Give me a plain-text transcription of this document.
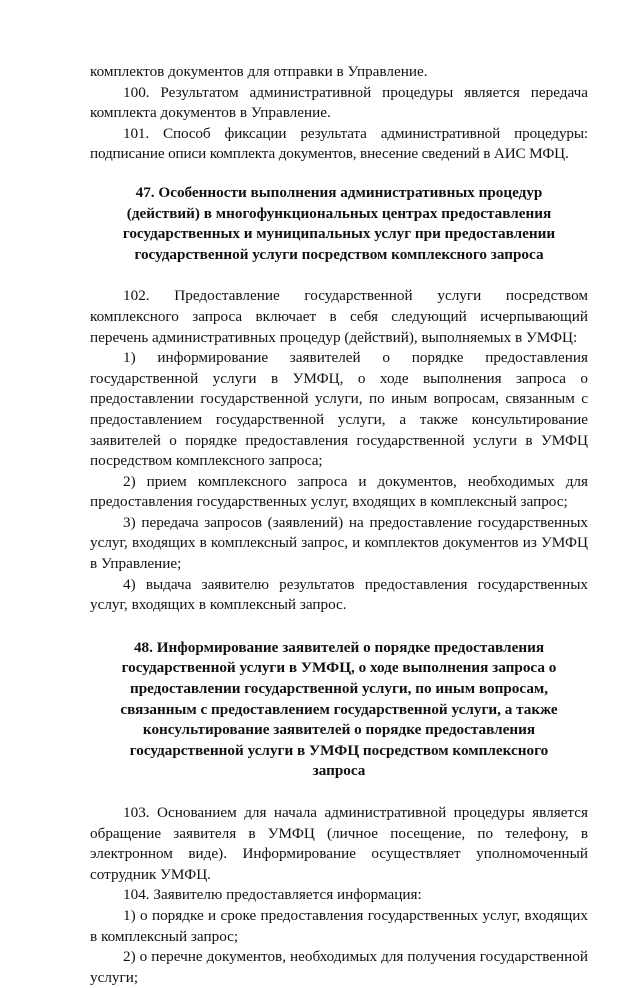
комплектов документов для отправки в Управление.

100. Результатом административной процедуры является передача комплекта документов в Управление.

101. Способ фиксации результата административной процедуры: подписание описи комплекта документов, внесение сведений в АИС МФЦ.

47. Особенности выполнения административных процедур (действий) в многофункциональных центрах предоставления государственных и муниципальных услуг при предоставлении государственной услуги посредством комплексного запроса

102. Предоставление государственной услуги посредством комплексного запроса включает в себя следующий исчерпывающий перечень административных процедур (действий), выполняемых в УМФЦ:

1) информирование заявителей о порядке предоставления государственной услуги в УМФЦ, о ходе выполнения запроса о предоставлении государственной услуги, по иным вопросам, связанным с предоставлением государственной услуги, а также консультирование заявителей о порядке предоставления государственной услуги в УМФЦ посредством комплексного запроса;

2) прием комплексного запроса и документов, необходимых для предоставления государственных услуг, входящих в комплексный запрос;

3) передача запросов (заявлений) на предоставление государственных услуг, входящих в комплексный запрос, и комплектов документов из УМФЦ в Управление;

4) выдача заявителю результатов предоставления государственных услуг, входящих в комплексный запрос.

48. Информирование заявителей о порядке предоставления государственной услуги в УМФЦ, о ходе выполнения запроса о предоставлении государственной услуги, по иным вопросам, связанным с предоставлением государственной услуги, а также консультирование заявителей о порядке предоставления государственной услуги в УМФЦ посредством комплексного запроса

103. Основанием для начала административной процедуры является обращение заявителя в УМФЦ (личное посещение, по телефону, в электронном виде). Информирование осуществляет уполномоченный сотрудник УМФЦ.

104. Заявителю предоставляется информация:

1) о порядке и сроке предоставления государственных услуг, входящих в комплексный запрос;

2) о перечне документов, необходимых для получения государственной услуги;
